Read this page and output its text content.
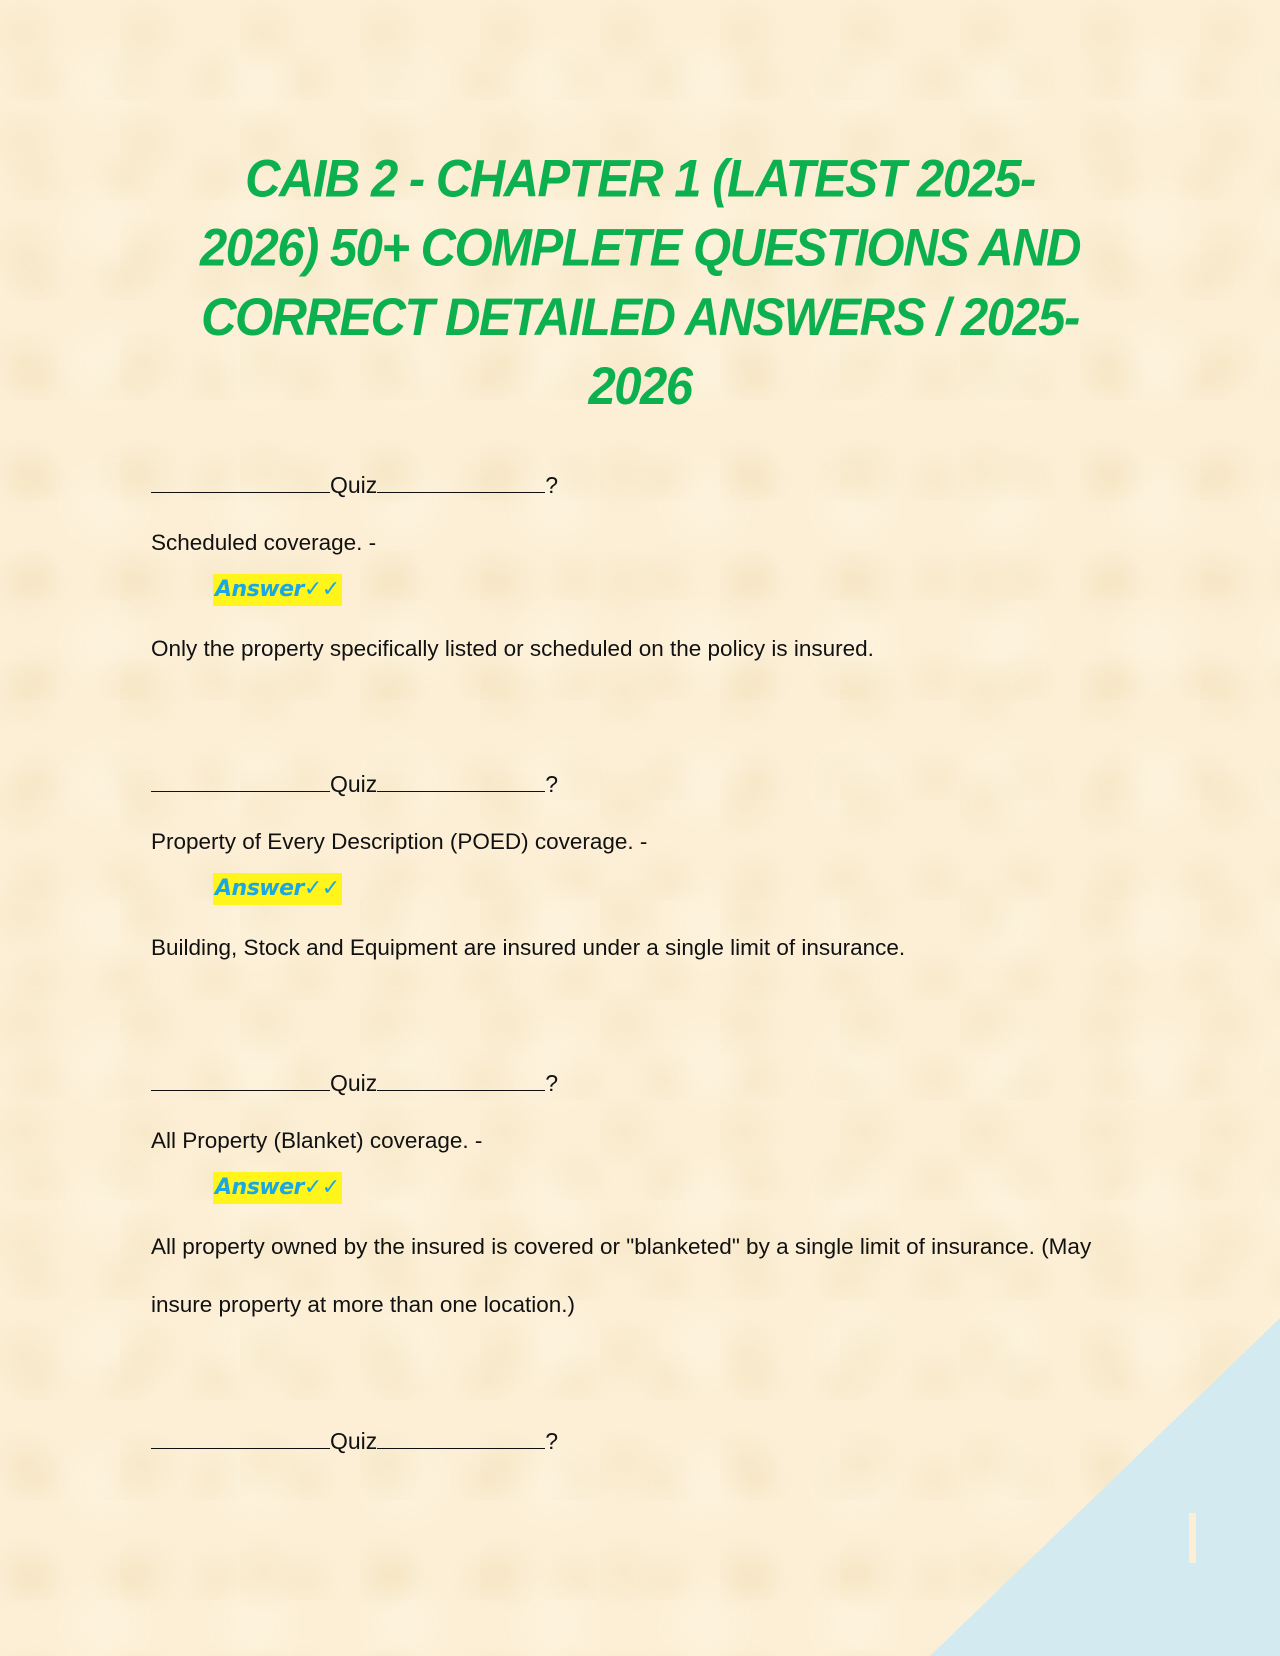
CAIB 2 - CHAPTER 1 (LATEST 2025-
2026) 50+ COMPLETE QUESTIONS AND
CORRECT DETAILED ANSWERS / 2025-
2026
Quiz	?
Scheduled coverage. -
Answer✓✓
Only the property specifically listed or scheduled on the policy is insured.
Quiz	?
Property of Every Description (POED) coverage. -
Answer✓✓
Building, Stock and Equipment are insured under a single limit of insurance.
Quiz	?
All Property (Blanket) coverage. -
Answer✓✓
All property owned by the insured is covered or "blanketed" by a single limit of insurance. (May
insure property at more than one location.)
Quiz	?
